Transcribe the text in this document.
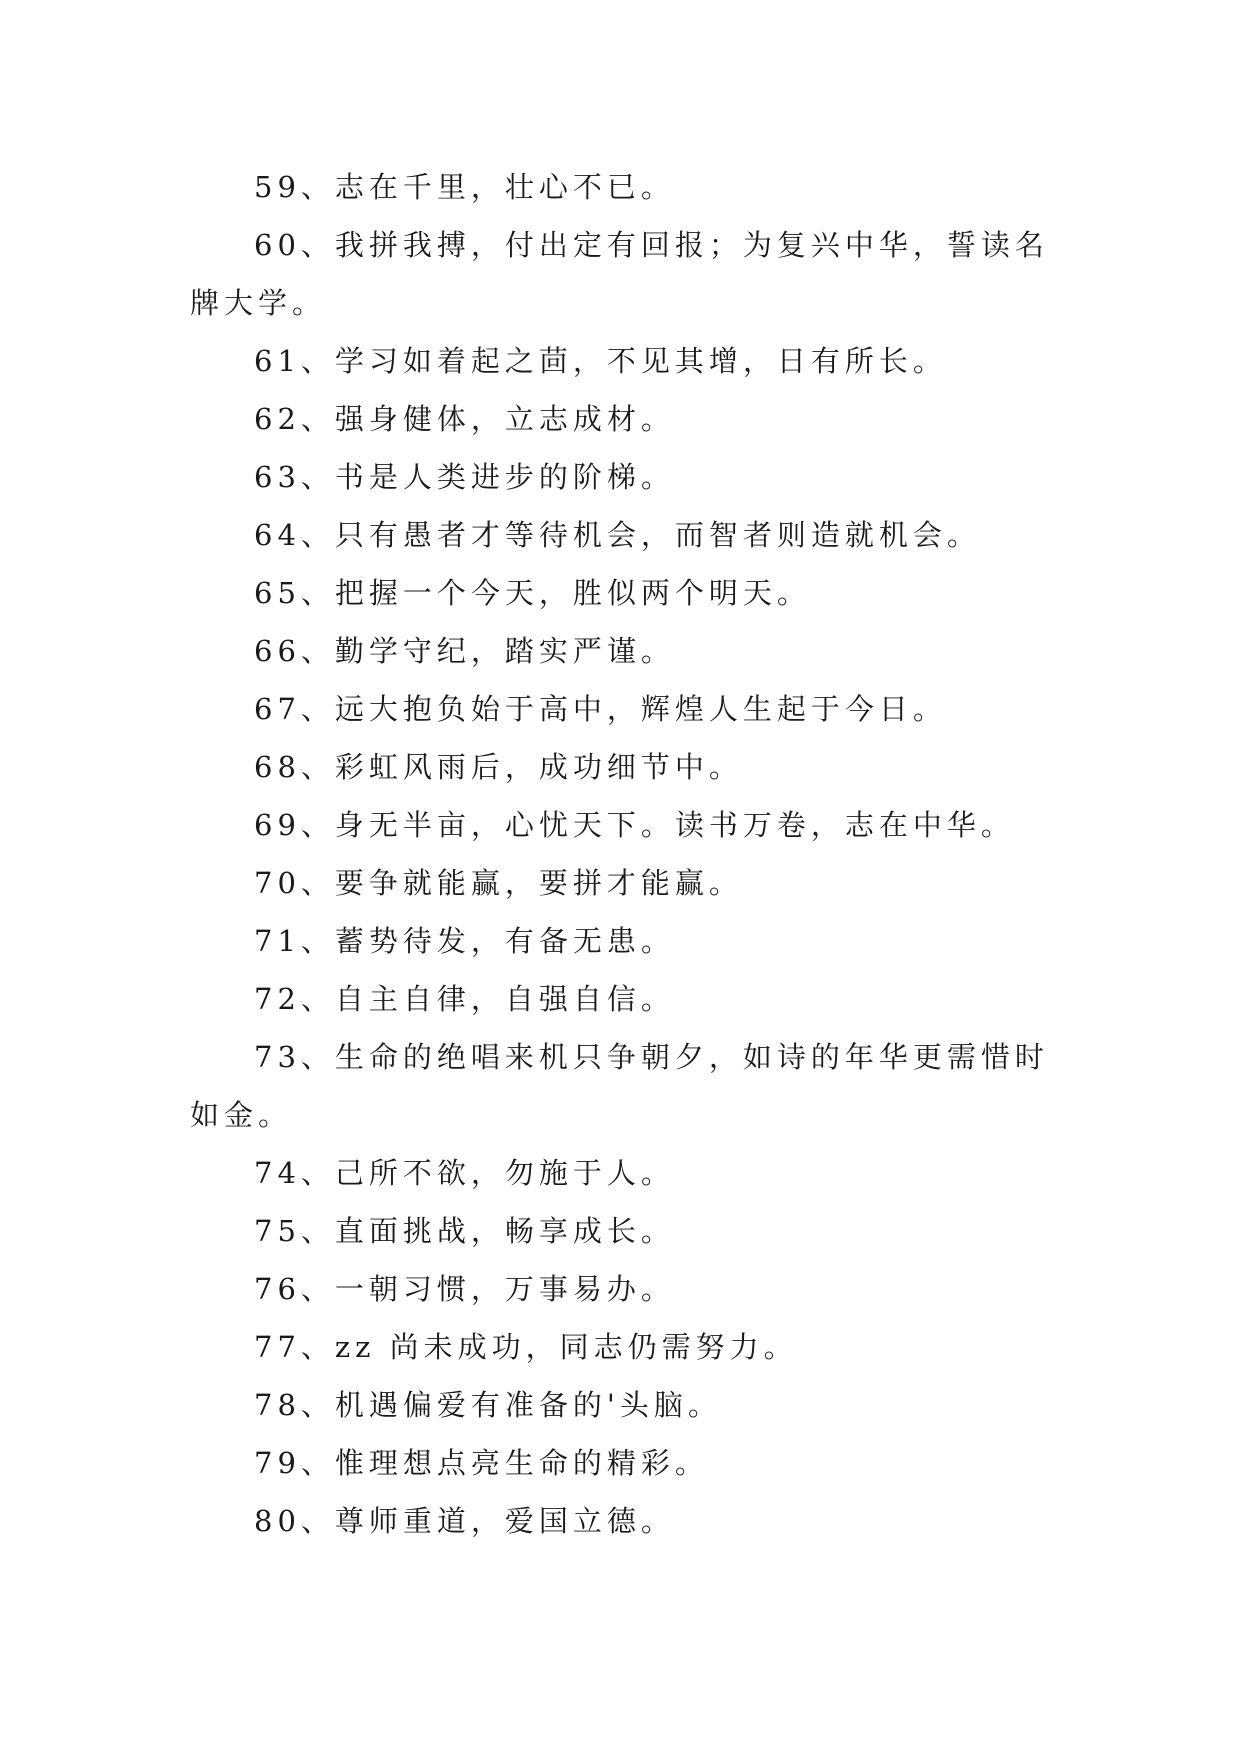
59、志在千里，壮心不已。

60、我拼我搏，付出定有回报；为复兴中华，誓读名牌大学。

61、学习如着起之茴，不见其增，日有所长。

62、强身健体，立志成材。

63、书是人类进步的阶梯。

64、只有愚者才等待机会，而智者则造就机会。

65、把握一个今天，胜似两个明天。

66、勤学守纪，踏实严谨。

67、远大抱负始于高中，辉煌人生起于今日。

68、彩虹风雨后，成功细节中。

69、身无半亩，心忧天下。读书万卷，志在中华。

70、要争就能赢，要拼才能赢。

71、蓄势待发，有备无患。

72、自主自律，自强自信。

73、生命的绝唱来机只争朝夕，如诗的年华更需惜时如金。

74、己所不欲，勿施于人。

75、直面挑战，畅享成长。

76、一朝习惯，万事易办。

77、zz 尚未成功，同志仍需努力。

78、机遇偏爱有准备的'头脑。

79、惟理想点亮生命的精彩。

80、尊师重道，爱国立德。
